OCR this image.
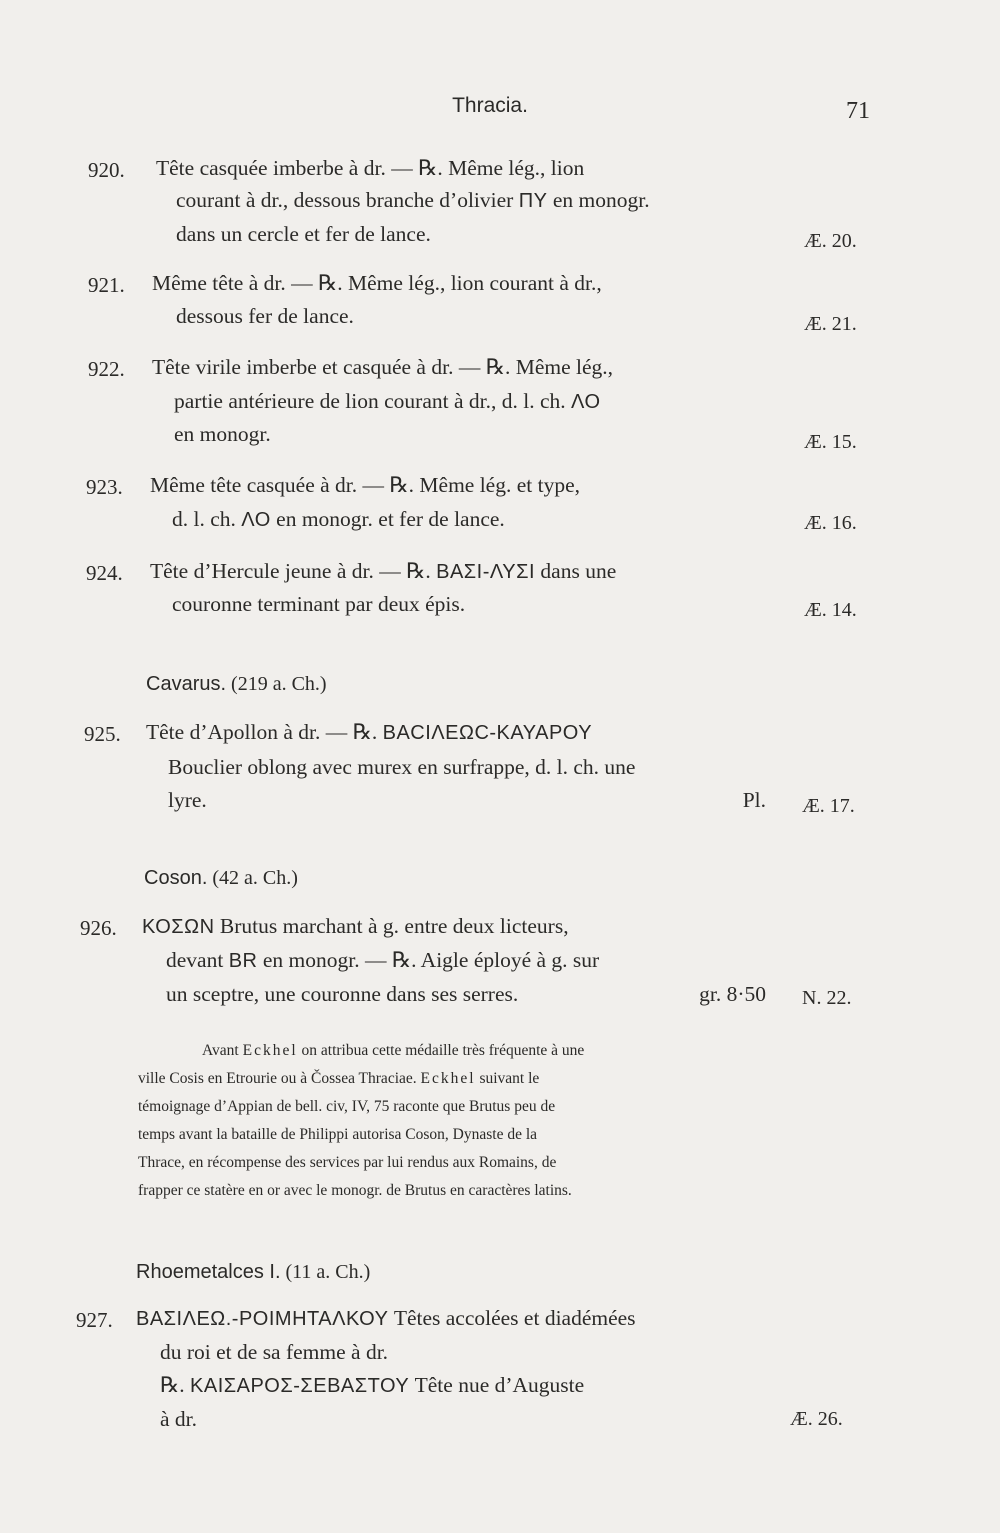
Thracia.	71
920. Tête casquée imberbe à dr. — ℞. Même lég., lion
courant à dr., dessous branche d’olivier ΠΥ en monogr.
dans un cercle et fer de lance.	Æ. 20.
921. Même tête à dr. — ℞. Même lég., lion courant à dr.,
dessous fer de lance.	Æ. 21.
922. Tête virile imberbe et casquée à dr. — ℞. Même lég.,
partie antérieure de lion courant à dr., d. l. ch. ΛΟ
en monogr.	Æ. 15.
923. Même tête casquée à dr. — ℞. Même lég. et type,
d. l. ch. ΛΟ en monogr. et fer de lance.	Æ. 16.
924. Tête d’Hercule jeune à dr. — ℞. ΒΑΣΙ-ΛΥΣΙ dans une
couronne terminant par deux épis.	Æ. 14.
Cavarus. (219 a. Ch.)
925. Tête d’Apollon à dr. — ℞. ΒΑCΙΛΕΩC-ΚΑΥΑΡΟΥ
Bouclier oblong avec murex en surfrappe, d. l. ch. une
lyre.	Pl. Æ. 17.
Coson. (42 a. Ch.)
926. ΚΟΣΩΝ Brutus marchant à g. entre deux licteurs,
devant BR en monogr. — ℞. Aigle éployé à g. sur
un sceptre, une couronne dans ses serres.	gr. 8·50 N. 22.
Avant Eckhel on attribua cette médaille très fréquente à une
ville Cosis en Etrourie ou à Čossea Thraciae. Eckhel suivant le
témoignage d’Appian de bell. civ, IV, 75 raconte que Brutus peu de
temps avant la bataille de Philippi autorisa Coson, Dynaste de la
Thrace, en récompense des services par lui rendus aux Romains, de
frapper ce statère en or avec le monogr. de Brutus en caractères latins.
Rhoemetalces I. (11 a. Ch.)
927. ΒΑΣΙΛΕΩ.-ΡΟΙΜΗΤΑΛΚΟΥ Têtes accolées et diadémées
du roi et de sa femme à dr.
℞. ΚΑΙΣΑΡΟΣ-ΣΕΒΑΣΤΟΥ Tête nue d’Auguste
à dr.	Æ. 26.
